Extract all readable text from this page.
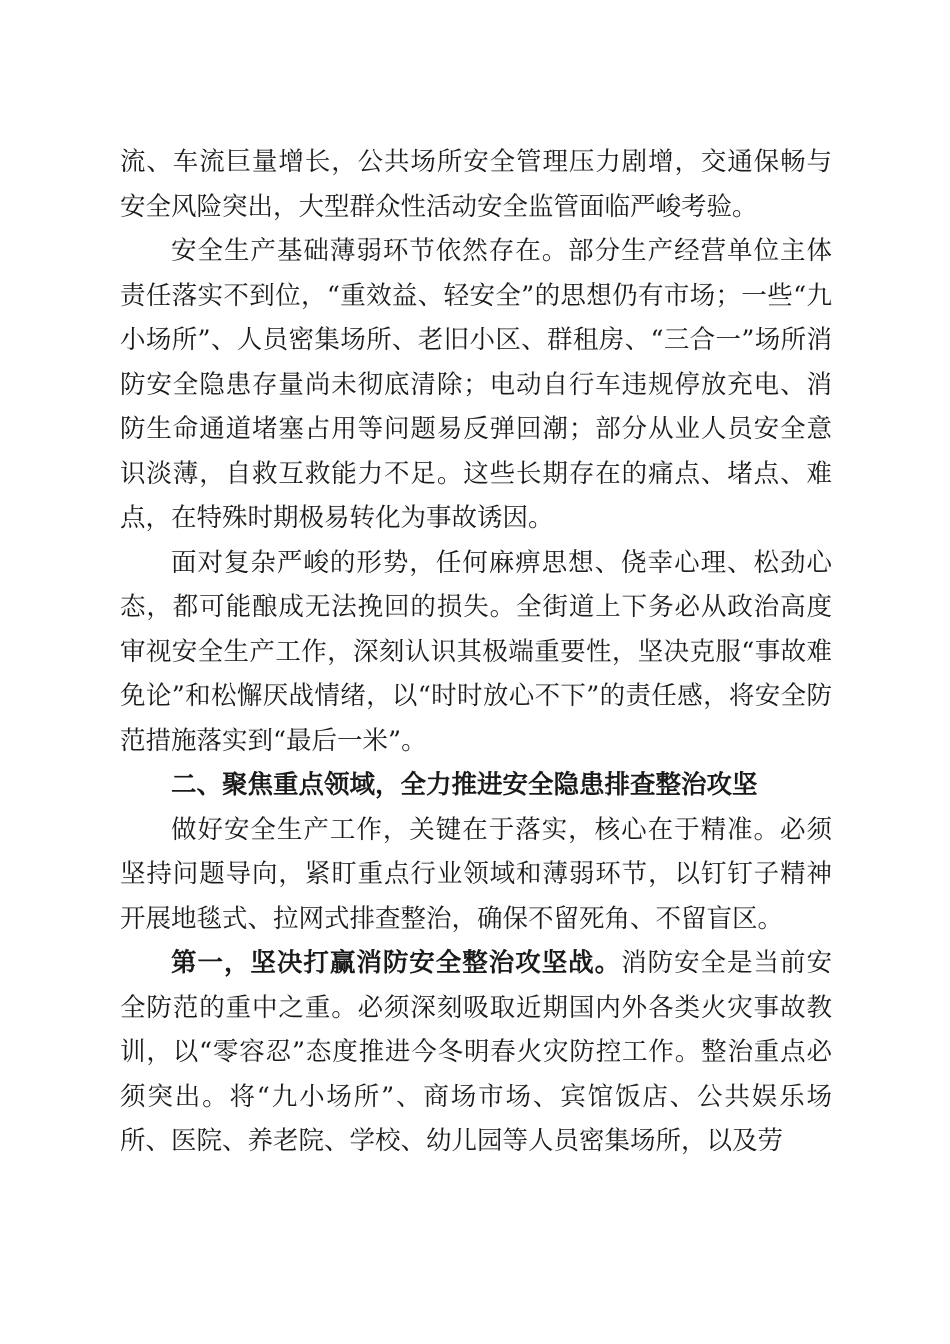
流、车流巨量增长，公共场所安全管理压力剧增，交通保畅与安全风险突出，大型群众性活动安全监管面临严峻考验。

安全生产基础薄弱环节依然存在。部分生产经营单位主体责任落实不到位，“重效益、轻安全”的思想仍有市场；一些“九小场所”、人员密集场所、老旧小区、群租房、“三合一”场所消防安全隐患存量尚未彻底清除；电动自行车违规停放充电、消防生命通道堵塞占用等问题易反弹回潮；部分从业人员安全意识淡薄，自救互救能力不足。这些长期存在的痛点、堵点、难点，在特殊时期极易转化为事故诱因。

面对复杂严峻的形势，任何麻痹思想、侥幸心理、松劲心态，都可能酿成无法挽回的损失。全街道上下务必从政治高度审视安全生产工作，深刻认识其极端重要性，坚决克服“事故难免论”和松懈厌战情绪，以“时时放心不下”的责任感，将安全防范措施落实到“最后一米”。

二、聚焦重点领域，全力推进安全隐患排查整治攻坚

做好安全生产工作，关键在于落实，核心在于精准。必须坚持问题导向，紧盯重点行业领域和薄弱环节，以钉钉子精神开展地毯式、拉网式排查整治，确保不留死角、不留盲区。

第一，坚决打赢消防安全整治攻坚战。消防安全是当前安全防范的重中之重。必须深刻吸取近期国内外各类火灾事故教训，以“零容忍”态度推进今冬明春火灾防控工作。整治重点必须突出。将“九小场所”、商场市场、宾馆饭店、公共娱乐场所、医院、养老院、学校、幼儿园等人员密集场所，以及劳
